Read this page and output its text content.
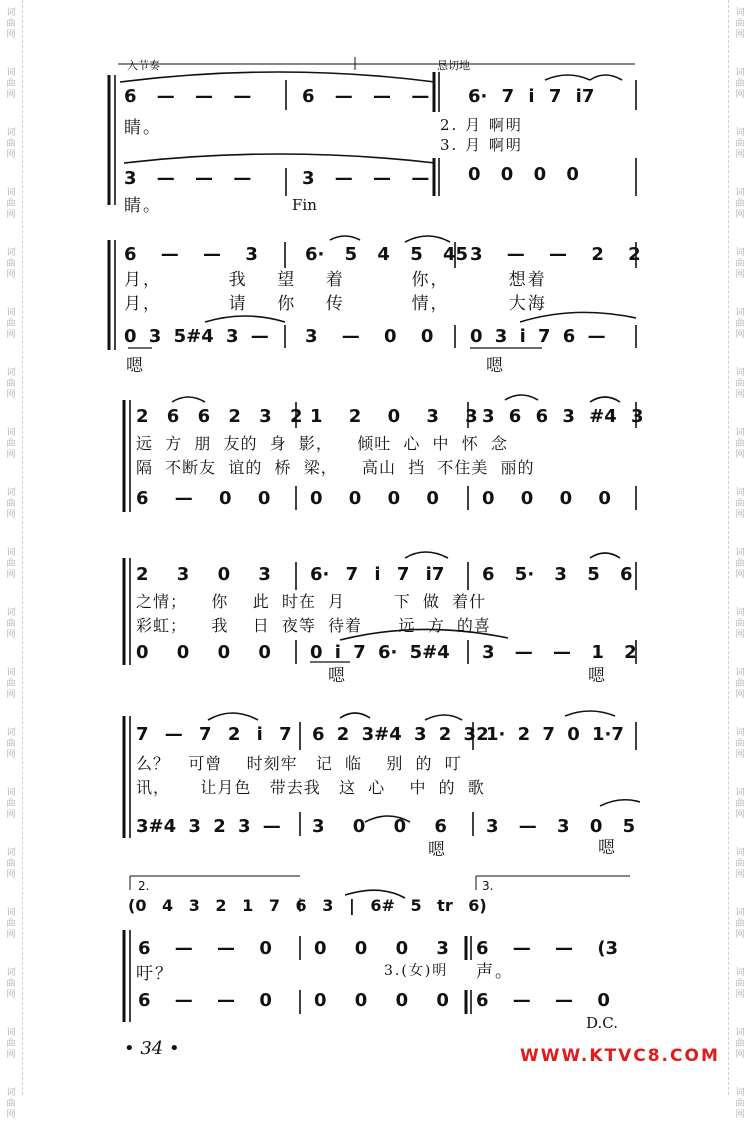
词
曲
网
词
曲
网
词
曲
网
词
曲
网
词
曲
网
词
曲
网
词
曲
网
词
曲
网
词
曲
网
词
曲
网
词
曲
网
词
曲
网
词
曲
网
词
曲
网
词
曲
网
词
曲
网
词
曲
网
词
曲
网
词
曲
网
词
曲
网
词
曲
网
词
曲
网
词
曲
网
词
曲
网
词
曲
网
词
曲
网
词
曲
网
词
曲
网
词
曲
网
词
曲
网
词
曲
网
词
曲
网
词
曲
网
词
曲
网
词
曲
网
词
曲
网
词
曲
网
词
曲
网
入节奏	恳切地
6 — — —	6 — — — 6· 7 i 7 i7
睛。	2. 月 啊明
3. 月 啊明
3 — — —	3 — — — 0 0 0 0
睛。	Fin
6 — — 3	6· 5 4 5 45 3 — — 2 2
月，         我    望    着         你，        想着
月，         请    你    传         情，        大海
0 3 5#4 3 — 3 — 0 0 0 3 i 7 6 —
嗯	嗯
2 6 6 2 3 2 1 2 0 3 3 3 6 6 3 #4 3
远  方  朋  友的  身  影，    倾吐  心  中  怀  念
隔  不断友  谊的  桥  梁，    高山  挡  不住美  丽的
6 — 0 0 0 0 0 0 0 0 0 0
2 3 0 3 6· 7 i 7 i7 6 5· 3 5 6
之情；    你    此  时在  月        下  做  着什
彩虹；    我    日  夜等  待着      远  方  的喜
0 0 0 0 0 i 7 6· 5#4 3 — — 1 2
嗯	嗯
7 — 7 2 i 7 6 2 3#4 3 2 32
1· 2 7 0 1·7
么？   可曾    时刻牢   记  临    别  的  叮
讯，     让月色   带去我   这  心    中  的  歌
3#4 3 2 3 — 3 0 0 6 3 — 3 0 5
嗯	嗯
2.	3.
(0 4 3 2 1 7 6 3 | 6# 5 tr 6)
6 — — 0 0 0 0 3 6 — — (3
吁？	3.(女)明 声。
6 — — 0 0 0 0 0 6 — — 0
D.C.
• 34 •	WWW.KTVC8.COM
